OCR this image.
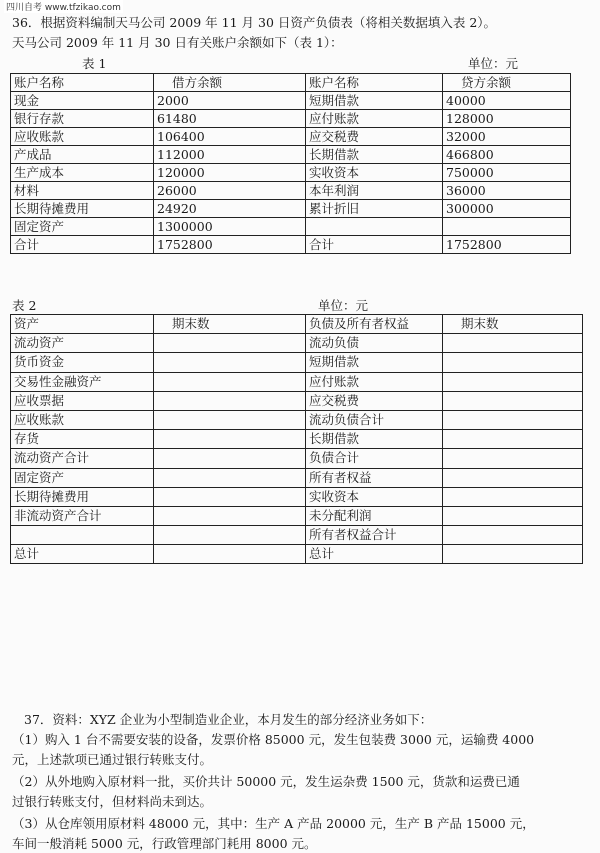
四川自考 www.tfzikao.com
36．根据资料编制天马公司 2009 年 11 月 30 日资产负债表（将相关数据填入表 2）。
天马公司 2009 年 11 月 30 日有关账户余额如下（表 1）：
表 1	单位：元
账户名称	借方余额	账户名称	贷方余额
现金	2000	短期借款	40000
银行存款	61480	应付账款	128000
应收账款	106400	应交税费	32000
产成品	112000	长期借款	466800
生产成本	120000	实收资本	750000
材料	26000	本年利润	36000
长期待摊费用	24920	累计折旧	300000
固定资产	1300000		
合计	1752800	合计	1752800
表 2	单位：元
资产	期末数	负债及所有者权益	期末数
流动资产		流动负债	
货币资金		短期借款	
交易性金融资产		应付账款	
应收票据		应交税费	
应收账款		流动负债合计	
存货		长期借款	
流动资产合计		负债合计	
固定资产		所有者权益	
长期待摊费用		实收资本	
非流动资产合计		未分配利润	
		所有者权益合计	
总计		总计	
37．资料：XYZ 企业为小型制造业企业，本月发生的部分经济业务如下：
（1）购入 1 台不需要安装的设备，发票价格 85000 元，发生包装费 3000 元，运输费 4000
元，上述款项已通过银行转账支付。
（2）从外地购入原材料一批，买价共计 50000 元，发生运杂费 1500 元，货款和运费已通
过银行转账支付，但材料尚未到达。
（3）从仓库领用原材料 48000 元，其中：生产 A 产品 20000 元，生产 B 产品 15000 元，
车间一般消耗 5000 元，行政管理部门耗用 8000 元。
